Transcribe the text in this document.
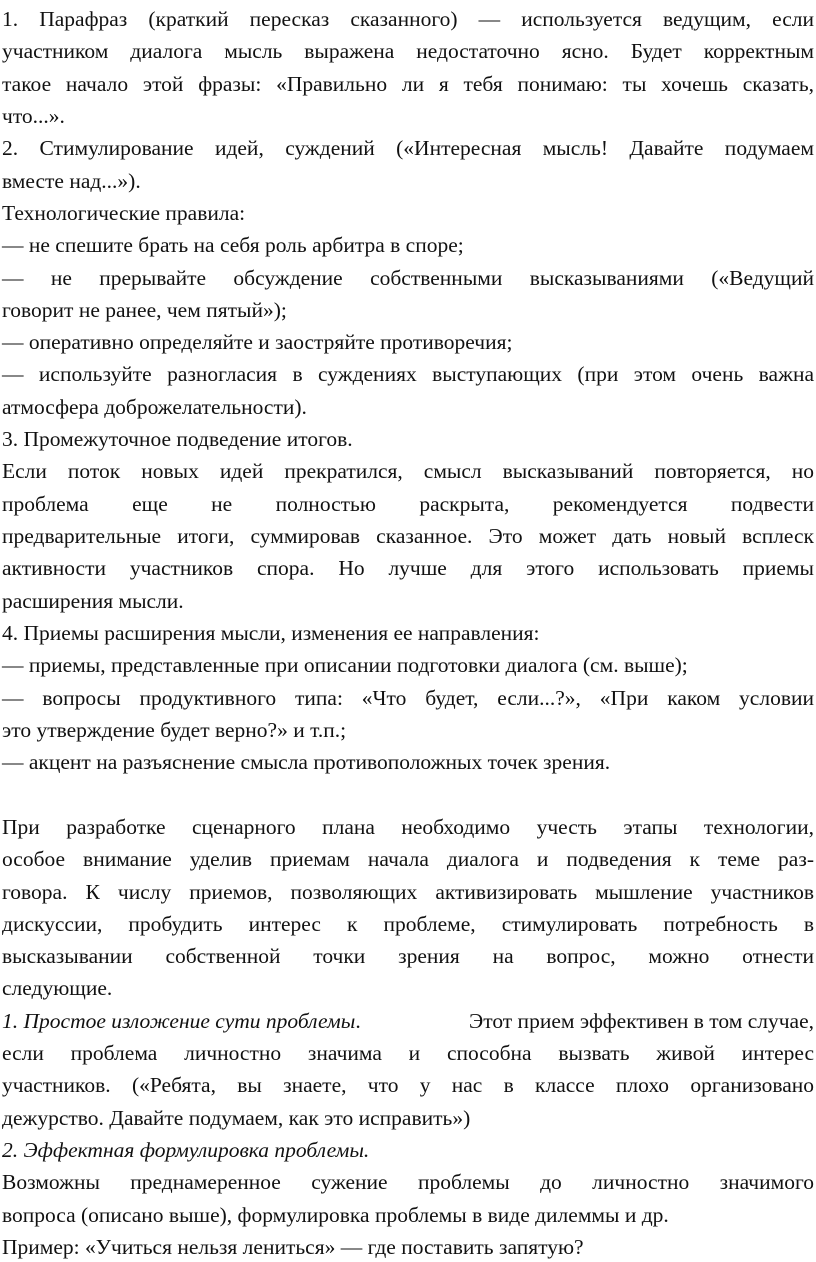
1. Парафраз (краткий пересказ сказанного) — используется ведущим, если
участником диалога мысль выражена недостаточно ясно. Будет корректным
такое начало этой фразы: «Правильно ли я тебя понимаю: ты хочешь сказать,
что...».
2. Стимулирование идей, суждений («Интересная мысль! Давайте подумаем
вместе над...»).
Технологические правила:
— не спешите брать на себя роль арбитра в споре;
— не прерывайте обсуждение собственными высказываниями («Ведущий
говорит не ранее, чем пятый»);
— оперативно определяйте и заостряйте противоречия;
— используйте разногласия в суждениях выступающих (при этом очень важна
атмосфера доброжелательности).
3. Промежуточное подведение итогов.
Если поток новых идей прекратился, смысл высказываний повторяется, но
проблема еще не полностью раскрыта, рекомендуется подвести
предварительные итоги, суммировав сказанное. Это может дать новый всплеск
активности участников спора. Но лучше для этого использовать приемы
расширения мысли.
4. Приемы расширения мысли, изменения ее направления:
— приемы, представленные при описании подготовки диалога (см. выше);
— вопросы продуктивного типа: «Что будет, если...?», «При каком условии
это утверждение будет верно?» и т.п.;
— акцент на разъяснение смысла противоположных точек зрения.
При разработке сценарного плана необходимо учесть этапы технологии,
особое внимание уделив приемам начала диалога и подведения к теме раз-
говора. К числу приемов, позволяющих активизировать мышление участников
дискуссии, пробудить интерес к проблеме, стимулировать потребность в
высказывании собственной точки зрения на вопрос, можно отнести
следующие.
1. Простое изложение сути проблемы.	Этот прием эффективен в том случае,
если проблема личностно значима и способна вызвать живой интерес
участников. («Ребята, вы знаете, что у нас в классе плохо организовано
дежурство. Давайте подумаем, как это исправить»)
2. Эффектная формулировка проблемы.
Возможны преднамеренное сужение проблемы до личностно значимого
вопроса (описано выше), формулировка проблемы в виде дилеммы и др.
Пример: «Учиться нельзя лениться» — где поставить запятую?
